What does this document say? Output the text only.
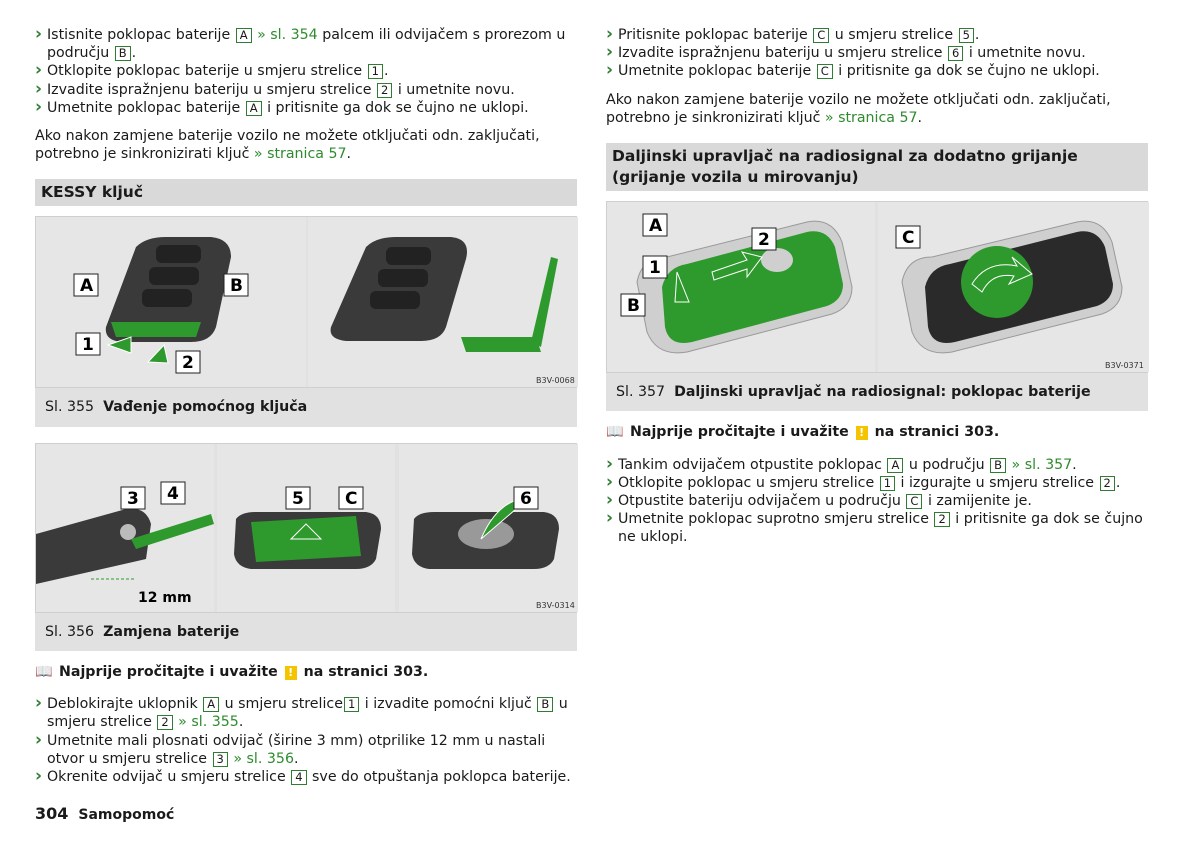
› Istisnite poklopac baterije A » sl. 354 palcem ili odvijačem s prorezom u području B .

› Otklopite poklopac baterije u smjeru strelice 1 .

› Izvadite ispražnjenu bateriju u smjeru strelice 2 i umetnite novu.

› Umetnite poklopac baterije A i pritisnite ga dok se čujno ne uklopi.

Ako nakon zamjene baterije vozilo ne možete otključati odn. zaključati, potrebno je sinkronizirati ključ » stranica 57.

KESSY ključ
A	B
1
2
B3V-0068
Sl. 355 Vađenje pomoćnog ključa
3 4
12 mm
5 C	6
B3V-0314
Sl. 356 Zamjena baterije

📖 Najprije pročitajte i uvažite ! na stranici 303.

› Deblokirajte uklopnik A u smjeru strelice 1 i izvadite pomoćni ključ B u smjeru strelice 2 » sl. 355.

› Umetnite mali plosnati odvijač (širine 3 mm) otprilike 12 mm u nastali otvor u smjeru strelice 3 » sl. 356.

› Okrenite odvijač u smjeru strelice 4 sve do otpuštanja poklopca baterije.

› Pritisnite poklopac baterije C u smjeru strelice 5 .

› Izvadite ispražnjenu bateriju u smjeru strelice 6 i umetnite novu.

› Umetnite poklopac baterije C i pritisnite ga dok se čujno ne uklopi.

Ako nakon zamjene baterije vozilo ne možete otključati odn. zaključati, potrebno je sinkronizirati ključ » stranica 57.

Daljinski upravljač na radiosignal za dodatno grijanje (grijanje vozila u mirovanju)
A
1
2
B
C
B3V-0371
Sl. 357 Daljinski upravljač na radiosignal: poklopac baterije

📖 Najprije pročitajte i uvažite ! na stranici 303.

› Tankim odvijačem otpustite poklopac A u području B » sl. 357.

› Otklopite poklopac u smjeru strelice 1 i izgurajte u smjeru strelice 2 .

› Otpustite bateriju odvijačem u području C i zamijenite je.

› Umetnite poklopac suprotno smjeru strelice 2 i pritisnite ga dok se čujno ne uklopi.

304 Samopomoć
